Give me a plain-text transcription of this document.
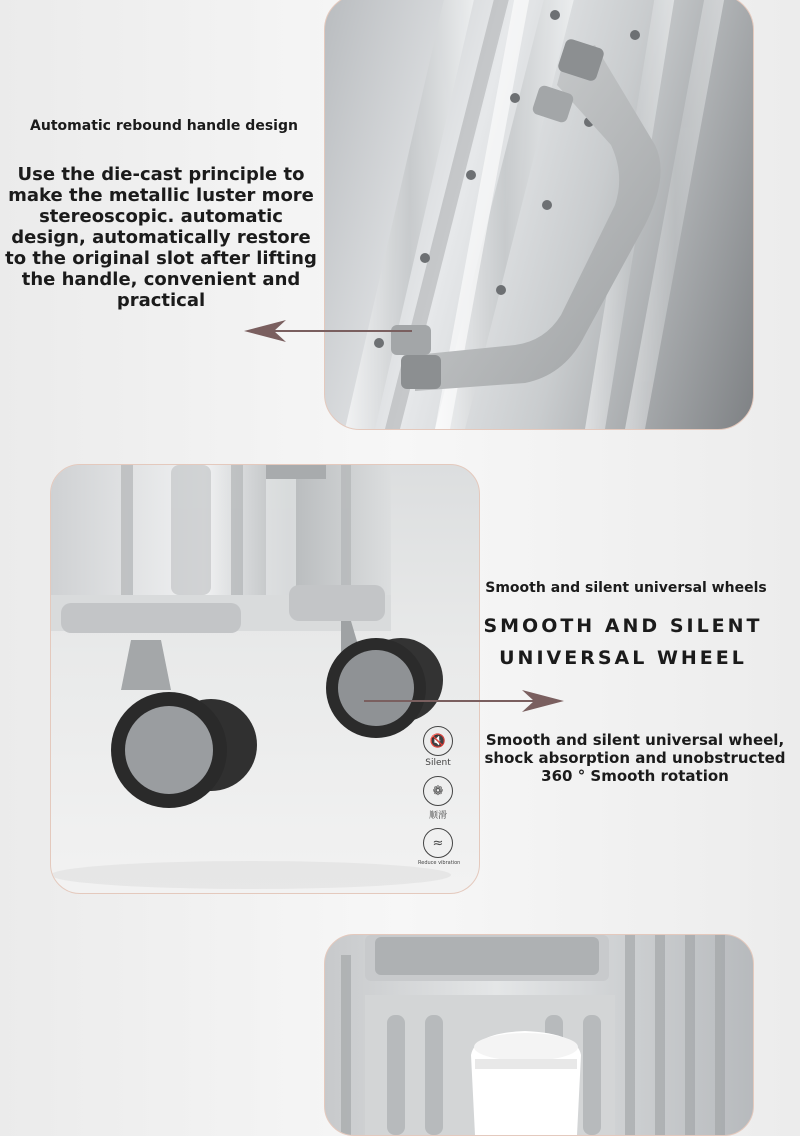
Automatic rebound handle design
Use the die-cast principle to make the metallic luster more stereoscopic. automatic design, automatically restore to the original slot after lifting the handle, convenient and practical
🔇
Silent
❁
顺滑
≈
Reduce vibration
Smooth and silent universal wheels
SMOOTH AND SILENT
UNIVERSAL WHEEL
Smooth and silent universal wheel, shock absorption and unobstructed 360 ° Smooth rotation
